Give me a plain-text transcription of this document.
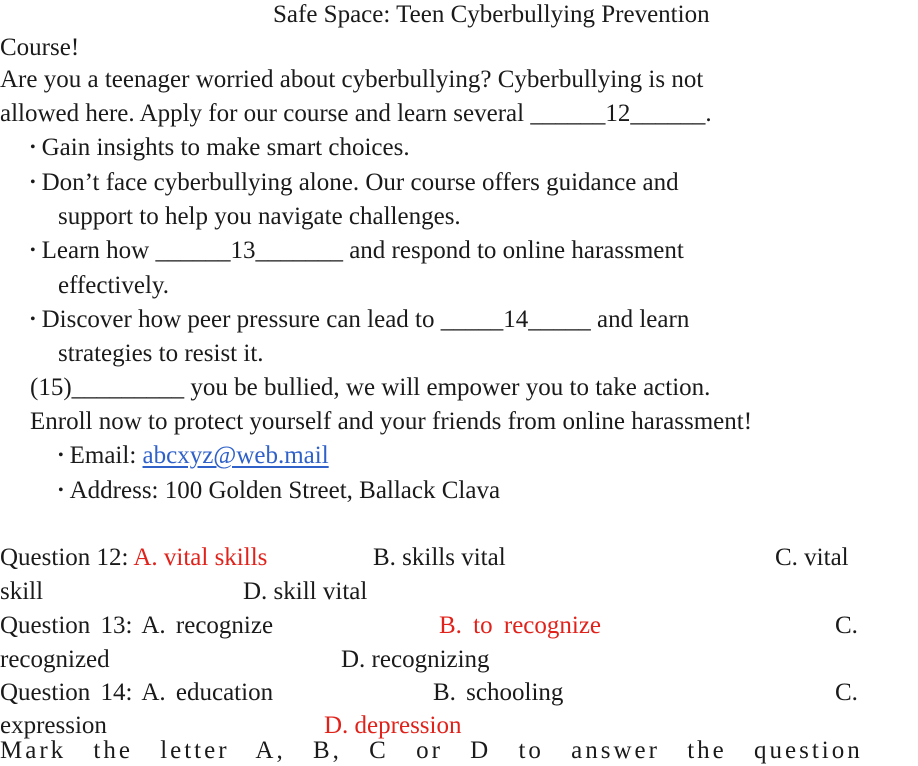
Safe Space: Teen Cyberbullying Prevention
Course!
Are you a teenager worried about cyberbullying? Cyberbullying is not
allowed here. Apply for our course and learn several ______12______.
• Gain insights to make smart choices.
• Don’t face cyberbullying alone. Our course offers guidance and
support to help you navigate challenges.
• Learn how ______13_______ and respond to online harassment
effectively.
• Discover how peer pressure can lead to _____14_____ and learn
strategies to resist it.
(15)_________ you be bullied, we will empower you to take action.
Enroll now to protect yourself and your friends from online harassment!
• Email: abcxyz@web.mail
• Address: 100 Golden Street, Ballack Clava
Question 12: A. vital skills	B. skills vital	C. vital
skill	D. skill vital
Question 13: A. recognize	B. to recognize	C.
recognized	D. recognizing
Question 14: A. education	B. schooling	C.
expression	D. depression
Mark the letter A, B, C or D to answer the question
